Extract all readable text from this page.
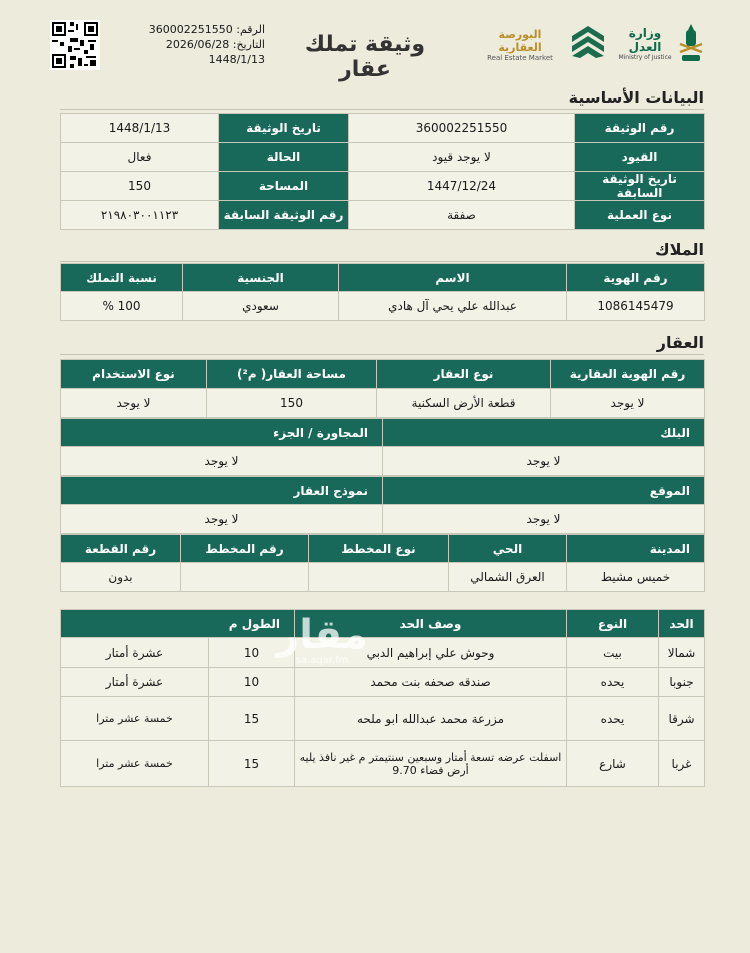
الرقم: 360002251550
التاريخ: 2026/06/28
1448/1/13
وثيقة تملك عقار
البورصة العقارية
Real Estate Market
وزارة العدل
Ministry of Justice
البيانات الأساسية
رقم الوثيقة	360002251550	تاريخ الوثيقة	1448/1/13
القيود	لا يوجد قيود	الحالة	فعال
تاريخ الوثيقة السابقة	1447/12/24	المساحة	150
نوع العملية	صفقة	رقم الوثيقة السابقة	٢١٩٨٠٣٠٠١١٢٣
الملاك
رقم الهوية	الاسم	الجنسية	نسبة التملك
1086145479	عبدالله علي يحي آل هادي	سعودي	100 %
العقار
رقم الهوية العقارية	نوع العقار	مساحة العقار( م²)	نوع الاستخدام
لا يوجد	قطعة الأرض السكنية	150	لا يوجد
البلك	المجاورة / الجزء
لا يوجد	لا يوجد
الموقع	نموذج العقار
لا يوجد	لا يوجد
المدينة	الحي	نوع المخطط	رقم المخطط	رقم القطعة
خميس مشيط	العرق الشمالي			بدون
الحد	النوع	وصف الحد	الطول م	
شمالا	بيت	وحوش علي إبراهيم الدبي	10	عشرة أمتار
جنوبا	يحده	صندقه صحفه بنت محمد	10	عشرة أمتار
شرقا	يحده	مزرعة محمد عبدالله ابو ملحه	15	خمسة عشر مترا
غربا	شارع	اسفلت عرضه تسعة أمتار وسبعين سنتيمتر م غير نافذ يليه أرض فضاء 9.70	15	خمسة عشر مترا
مقار
sa.aqar.fm
